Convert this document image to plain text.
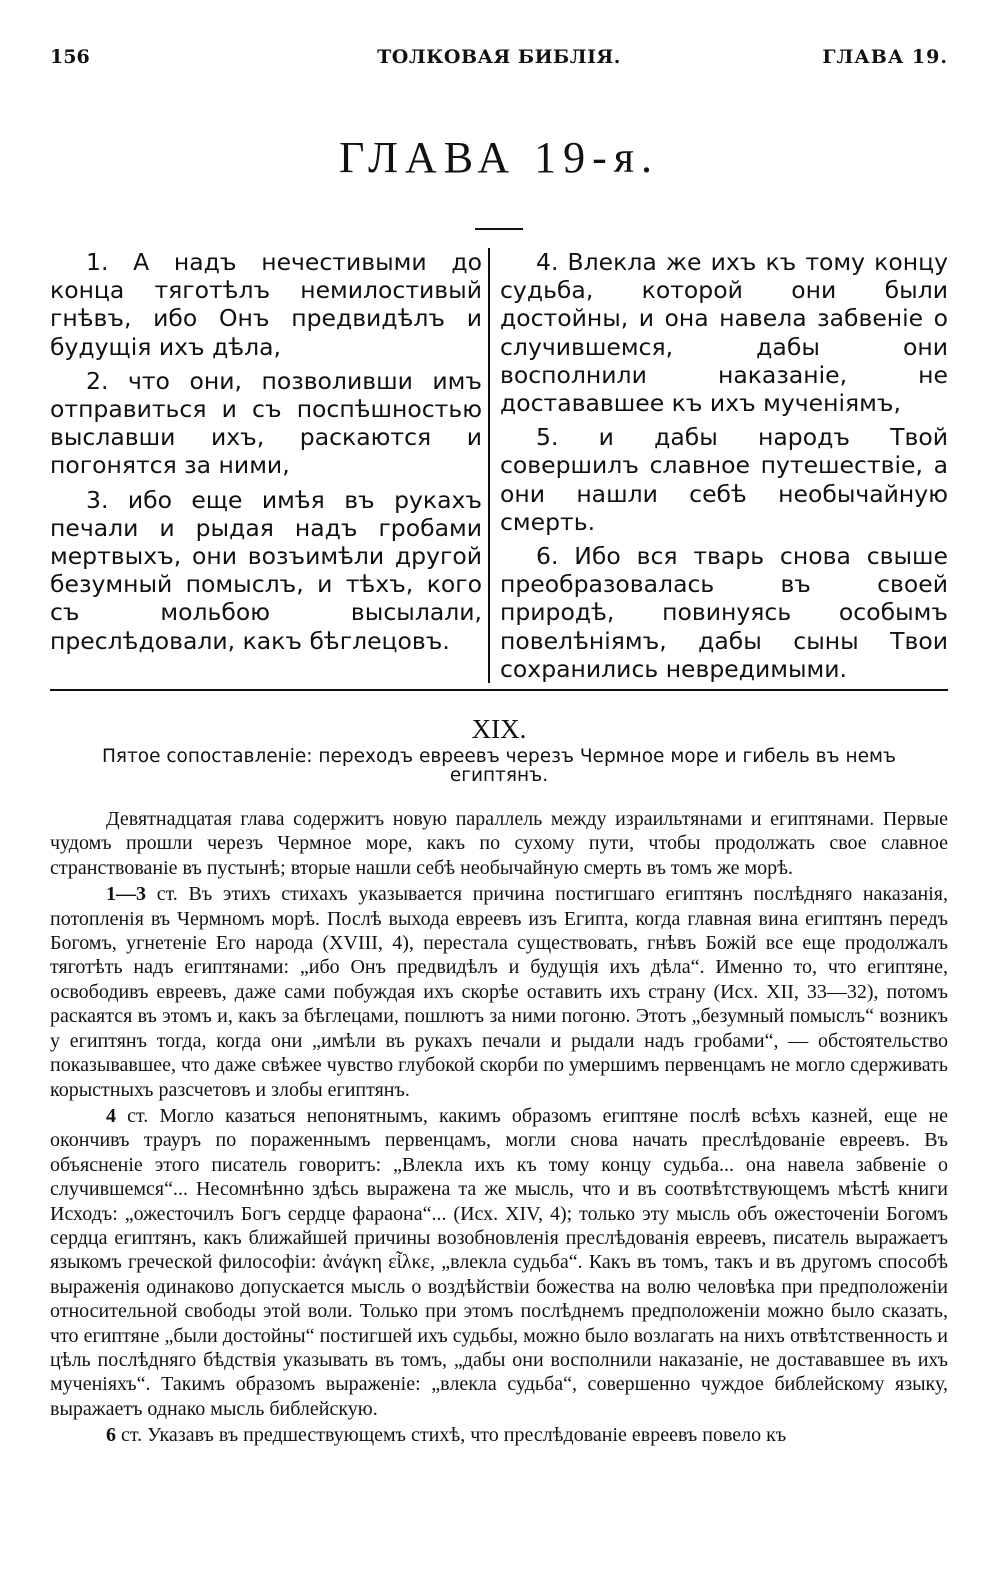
156	ТОЛКОВАЯ БИБЛІЯ.	ГЛАВА 19.
ГЛАВА 19-я.
1. А надъ нечестивыми до конца тяготѣлъ немилостивый гнѣвъ, ибо Онъ предвидѣлъ и будущія ихъ дѣла,
2. что они, позволивши имъ отправиться и съ поспѣшностью выславши ихъ, раскаются и погонятся за ними,
3. ибо еще имѣя въ рукахъ печали и рыдая надъ гробами мертвыхъ, они возъимѣли другой безумный помыслъ, и тѣхъ, кого съ мольбою высылали, преслѣдовали, какъ бѣглецовъ.
4. Влекла же ихъ къ тому концу судьба, которой они были достойны, и она навела забвеніе о случившемся, дабы они восполнили наказаніе, не достававшее къ ихъ мученіямъ,
5. и дабы народъ Твой совершилъ славное путешествіе, а они нашли себѣ необычайную смерть.
6. Ибо вся тварь снова свыше преобразовалась въ своей природѣ, повинуясь особымъ повелѣніямъ, дабы сыны Твои сохранились невредимыми.
XIX.
Пятое сопоставленіе: переходъ евреевъ черезъ Чермное море и гибель въ немъ египтянъ.

Девятнадцатая глава содержитъ новую параллель между израильтянами и египтянами. Первые чудомъ прошли черезъ Чермное море, какъ по сухому пути, чтобы продолжать свое славное странствованіе въ пустынѣ; вторые нашли себѣ необычайную смерть въ томъ же морѣ.

1—3 ст. Въ этихъ стихахъ указывается причина постигшаго египтянъ послѣдняго наказанія, потопленія въ Чермномъ морѣ. Послѣ выхода евреевъ изъ Египта, когда главная вина египтянъ передъ Богомъ, угнетеніе Его народа (XVIII, 4), перестала существовать, гнѣвъ Божій все еще продолжалъ тяготѣть надъ египтянами: „ибо Онъ предвидѣлъ и будущія ихъ дѣла“. Именно то, что египтяне, освободивъ евреевъ, даже сами побуждая ихъ скорѣе оставить ихъ страну (Исх. XII, 33—32), потомъ раскаятся въ этомъ и, какъ за бѣглецами, пошлютъ за ними погоню. Этотъ „безумный помыслъ“ возникъ у египтянъ тогда, когда они „имѣли въ рукахъ печали и рыдали надъ гробами“, — обстоятельство показывавшее, что даже свѣжее чувство глубокой скорби по умершимъ первенцамъ не могло сдерживать корыстныхъ разсчетовъ и злобы египтянъ.

4 ст. Могло казаться непонятнымъ, какимъ образомъ египтяне послѣ всѣхъ казней, еще не окончивъ трауръ по пораженнымъ первенцамъ, могли снова начать преслѣдованіе евреевъ. Въ объясненіе этого писатель говоритъ: „Влекла ихъ къ тому концу судьба... она навела забвеніе о случившемся“... Несомнѣнно здѣсь выражена та же мысль, что и въ соотвѣтствующемъ мѣстѣ книги Исходъ: „ожесточилъ Богъ сердце фараона“... (Исх. XIV, 4); только эту мысль объ ожесточеніи Богомъ сердца египтянъ, какъ ближайшей причины возобновленія преслѣдованія евреевъ, писатель выражаетъ языкомъ греческой философіи: ἀνάγκη εἷλκε, „влекла судьба“. Какъ въ томъ, такъ и въ другомъ способѣ выраженія одинаково допускается мысль о воздѣйствіи божества на волю человѣка при предположеніи относительной свободы этой воли. Только при этомъ послѣднемъ предположеніи можно было сказать, что египтяне „были достойны“ постигшей ихъ судьбы, можно было возлагать на нихъ отвѣтственность и цѣль послѣдняго бѣдствія указывать въ томъ, „дабы они восполнили наказаніе, не достававшее въ ихъ мученіяхъ“. Такимъ образомъ выраженіе: „влекла судьба“, совершенно чуждое библейскому языку, выражаетъ однако мысль библейскую.

6 ст. Указавъ въ предшествующемъ стихѣ, что преслѣдованіе евреевъ повело къ
